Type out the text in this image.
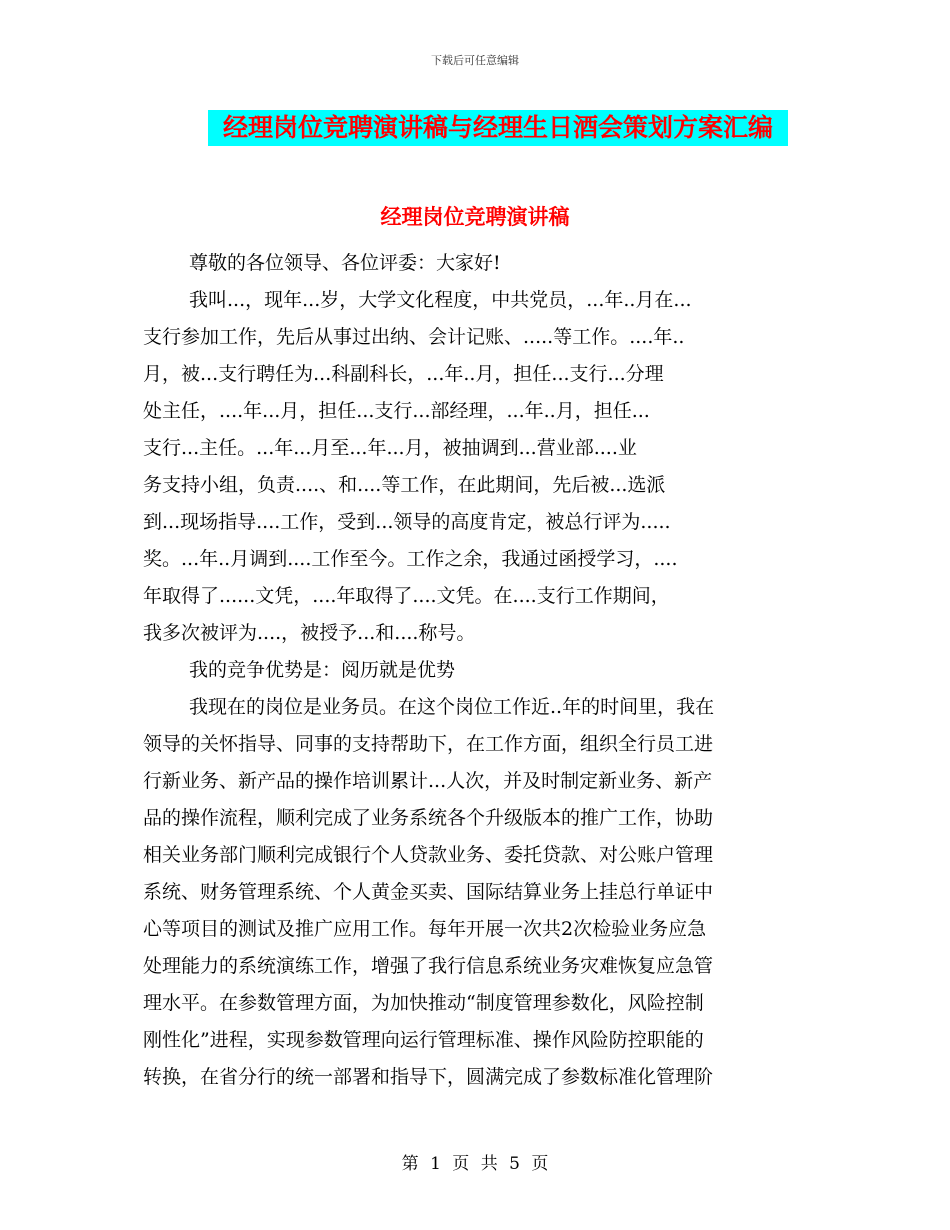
下载后可任意编辑
经理岗位竞聘演讲稿与经理生日酒会策划方案汇编
经理岗位竞聘演讲稿
尊敬的各位领导、各位评委：大家好!
我叫...，现年...岁，大学文化程度，中共党员，...年..月在...
支行参加工作，先后从事过出纳、会计记账、.....等工作。....年..
月，被...支行聘任为...科副科长，...年..月，担任...支行...分理
处主任，....年...月，担任...支行...部经理，...年..月，担任...
支行...主任。...年...月至...年...月，被抽调到...营业部....业
务支持小组，负责....、和....等工作，在此期间，先后被...选派
到...现场指导....工作，受到...领导的高度肯定，被总行评为.....
奖。...年..月调到....工作至今。工作之余，我通过函授学习，....
年取得了......文凭，....年取得了....文凭。在....支行工作期间，
我多次被评为....，被授予...和....称号。
我的竞争优势是：阅历就是优势
我现在的岗位是业务员。在这个岗位工作近..年的时间里，我在
领导的关怀指导、同事的支持帮助下，在工作方面，组织全行员工进
行新业务、新产品的操作培训累计...人次，并及时制定新业务、新产
品的操作流程，顺利完成了业务系统各个升级版本的推广工作，协助
相关业务部门顺利完成银行个人贷款业务、委托贷款、对公账户管理
系统、财务管理系统、个人黄金买卖、国际结算业务上挂总行单证中
心等项目的测试及推广应用工作。每年开展一次共2次检验业务应急
处理能力的系统演练工作，增强了我行信息系统业务灾难恢复应急管
理水平。在参数管理方面，为加快推动“制度管理参数化，风险控制
刚性化”进程，实现参数管理向运行管理标准、操作风险防控职能的
转换，在省分行的统一部署和指导下，圆满完成了参数标准化管理阶
第 1 页 共 5 页
